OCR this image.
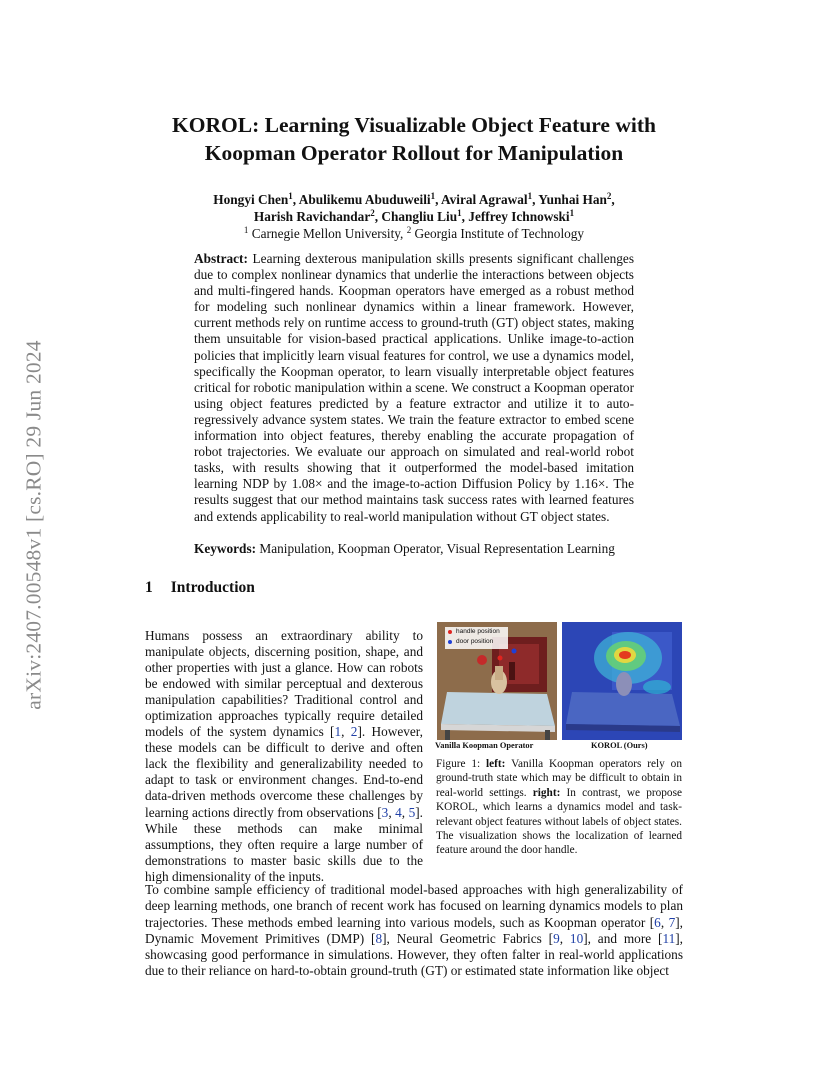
arXiv:2407.00548v1 [cs.RO] 29 Jun 2024
KOROL: Learning Visualizable Object Feature with
Koopman Operator Rollout for Manipulation
Hongyi Chen$^1$, Abulikemu Abuduweili$^1$, Aviral Agrawal$^1$, Yunhai Han$^2$,
Harish Ravichandar$^2$, Changliu Liu$^1$, Jeffrey Ichnowski$^1$
$^1$ Carnegie Mellon University, $^2$ Georgia Institute of Technology

Abstract: Learning dexterous manipulation skills presents significant challenges due to complex nonlinear dynamics that underlie the interactions between objects and multi-fingered hands. Koopman operators have emerged as a robust method for modeling such nonlinear dynamics within a linear framework. However, current methods rely on runtime access to ground-truth (GT) object states, making them unsuitable for vision-based practical applications. Unlike image-to-action policies that implicitly learn visual features for control, we use a dynamics model, specifically the Koopman operator, to learn visually interpretable object features critical for robotic manipulation within a scene. We construct a Koopman operator using object features predicted by a feature extractor and utilize it to auto-regressively advance system states. We train the feature extractor to embed scene information into object features, thereby enabling the accurate propagation of robot trajectories. We evaluate our approach on simulated and real-world robot tasks, with results showing that it outperformed the model-based imitation learning NDP by 1.08× and the image-to-action Diffusion Policy by 1.16×. The results suggest that our method maintains task success rates with learned features and extends applicability to real-world manipulation without GT object states.

Keywords: Manipulation, Koopman Operator, Visual Representation Learning
1 Introduction

Humans possess an extraordinary ability to manipulate objects, discerning position, shape, and other properties with just a glance. How can robots be endowed with similar perceptual and dexterous manipulation capabilities? Traditional control and optimization approaches typically require detailed models of the system dynamics [1, 2]. However, these models can be difficult to derive and often lack the flexibility and generalizability needed to adapt to task or environment changes. End-to-end data-driven methods overcome these challenges by learning actions directly from observations [3, 4, 5]. While these methods can make minimal assumptions, they often require a large number of demonstrations to master basic skills due to the high dimensionality of the inputs.

handle position
door position
Vanilla Koopman Operator	KOROL (Ours)

Figure 1: left: Vanilla Koopman operators rely on ground-truth state which may be difficult to obtain in real-world settings. right: In contrast, we propose KOROL, which learns a dynamics model and task-relevant object features without labels of object states. The visualization shows the localization of learned feature around the door handle.

To combine sample efficiency of traditional model-based approaches with high generalizability of deep learning methods, one branch of recent work has focused on learning dynamics models to plan trajectories. These methods embed learning into various models, such as Koopman operator [6, 7], Dynamic Movement Primitives (DMP) [8], Neural Geometric Fabrics [9, 10], and more [11], showcasing good performance in simulations. However, they often falter in real-world applications due to their reliance on hard-to-obtain ground-truth (GT) or estimated state information like object
